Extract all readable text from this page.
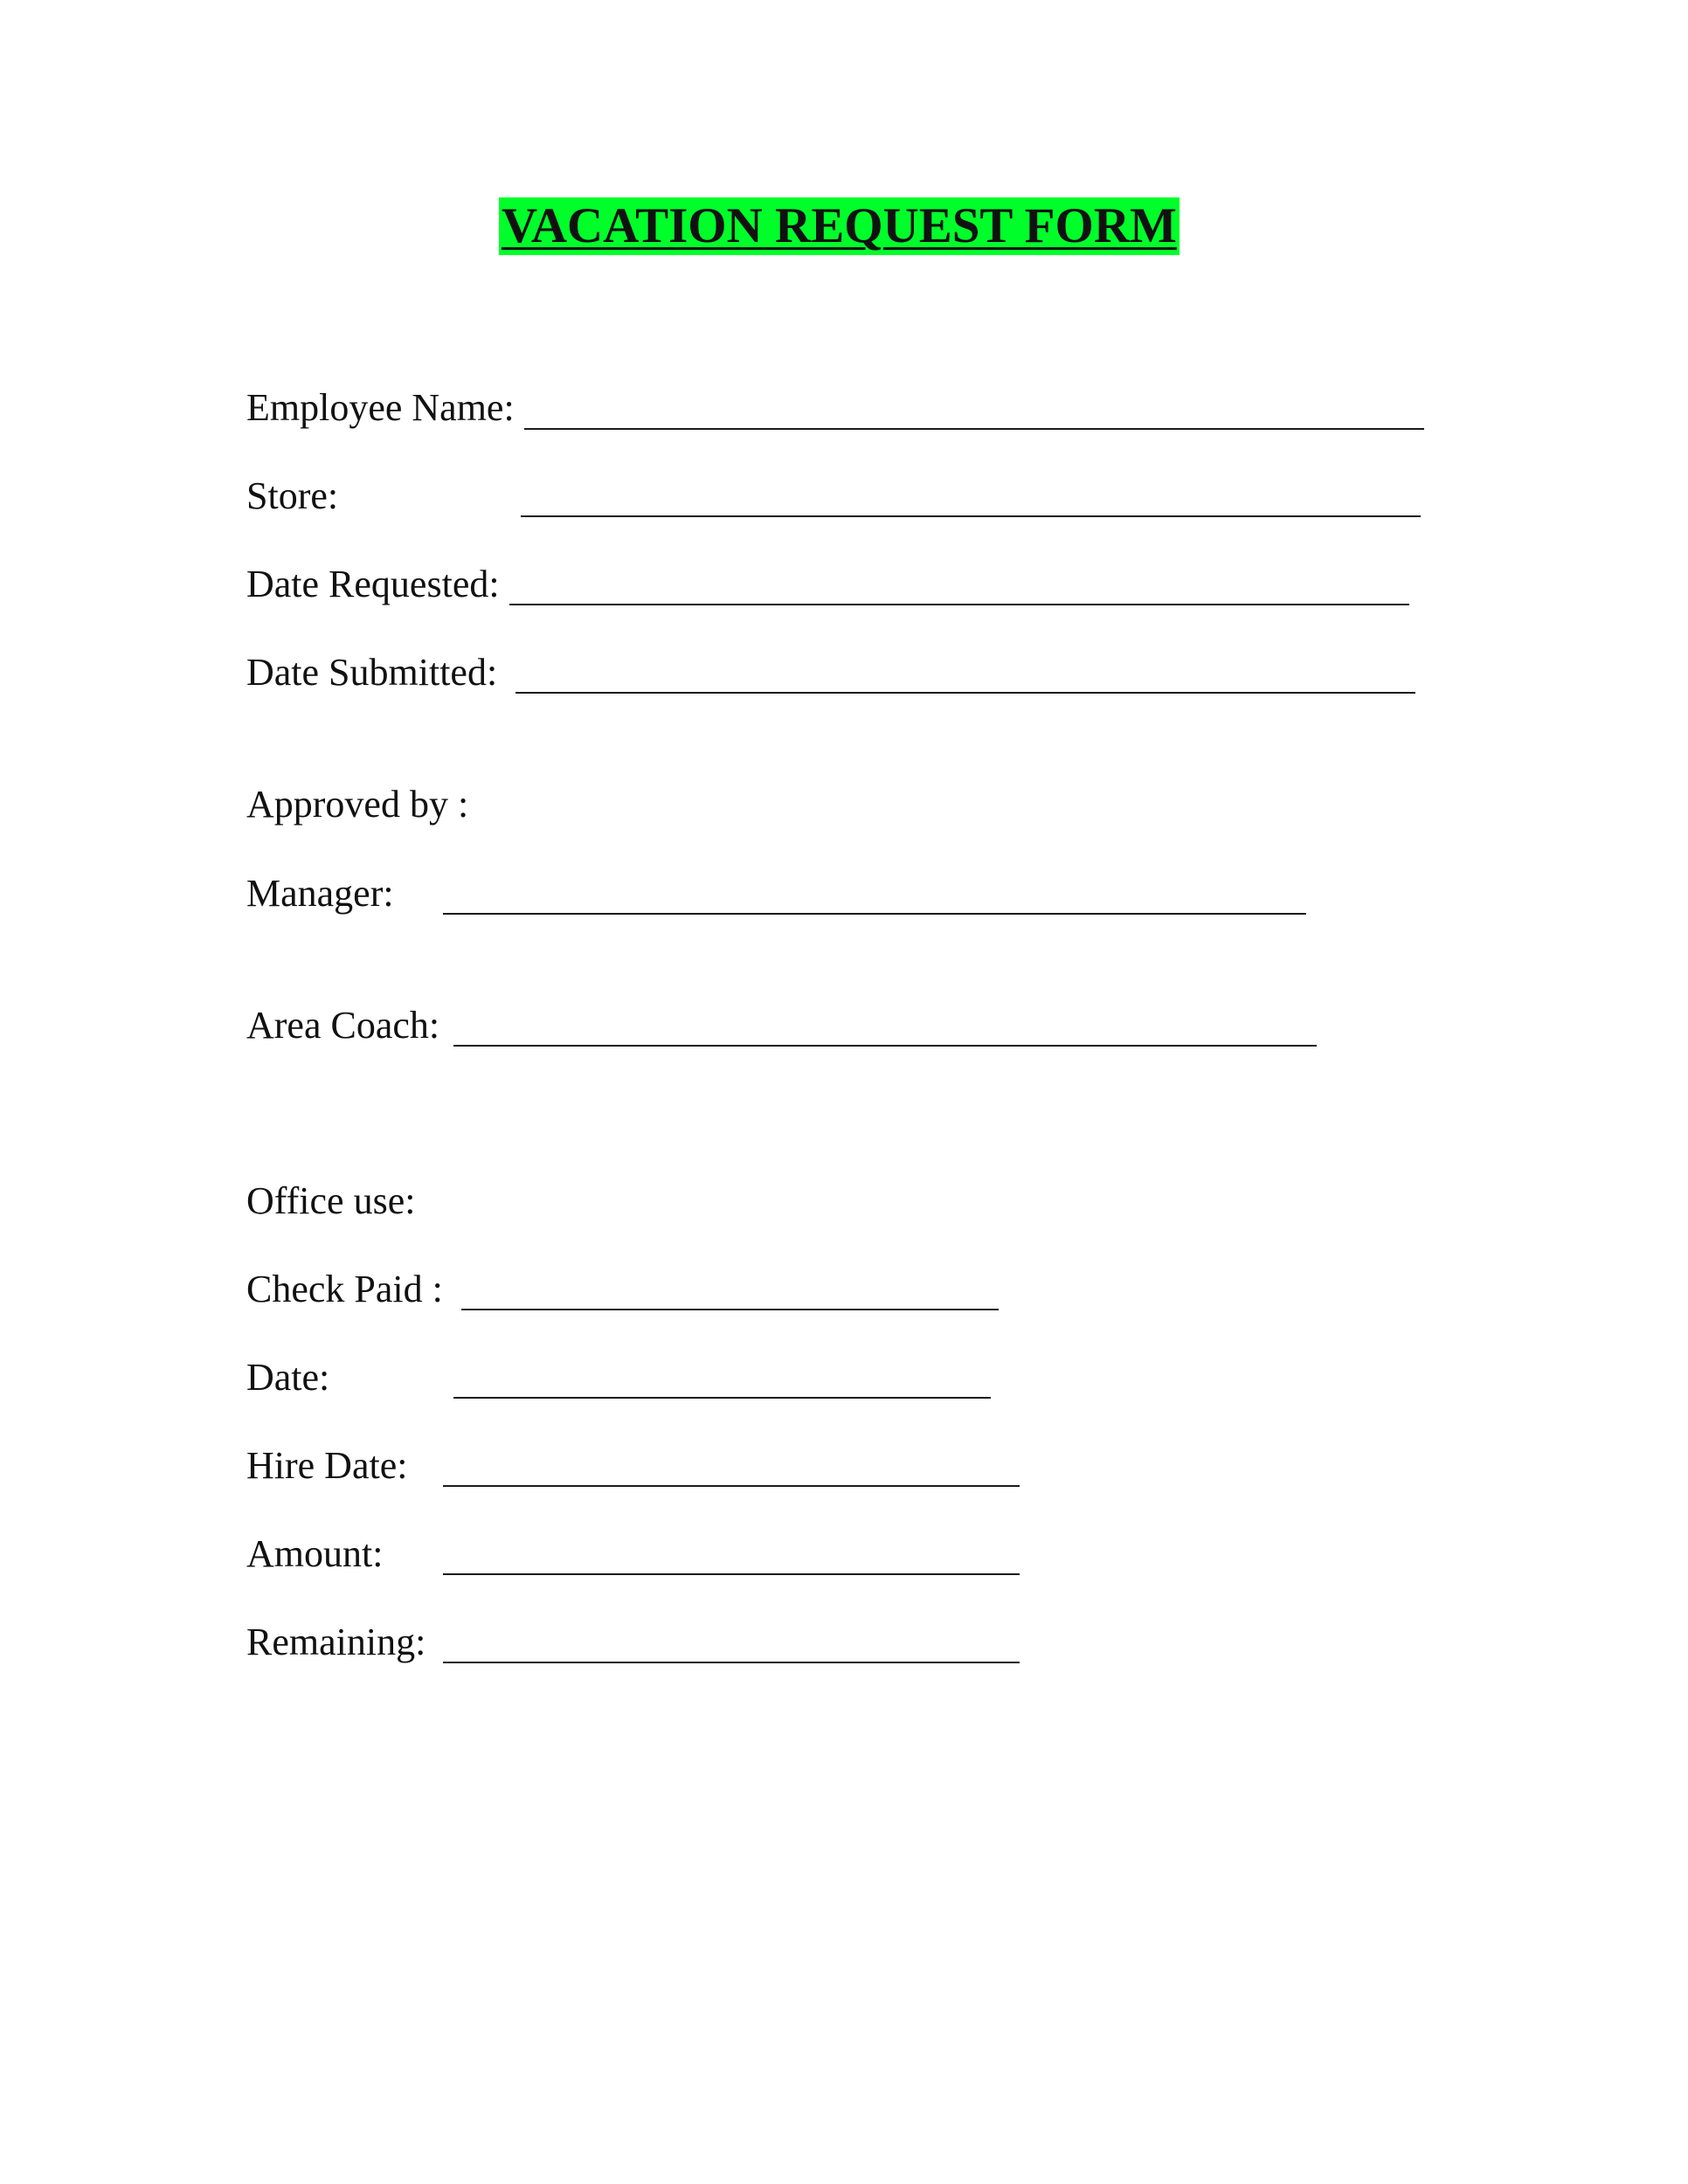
VACATION REQUEST FORM
Employee Name:
Store:
Date Requested:
Date Submitted:
Approved by :
Manager:
Area Coach:
Office use:
Check Paid :
Date:
Hire Date:
Amount:
Remaining:
